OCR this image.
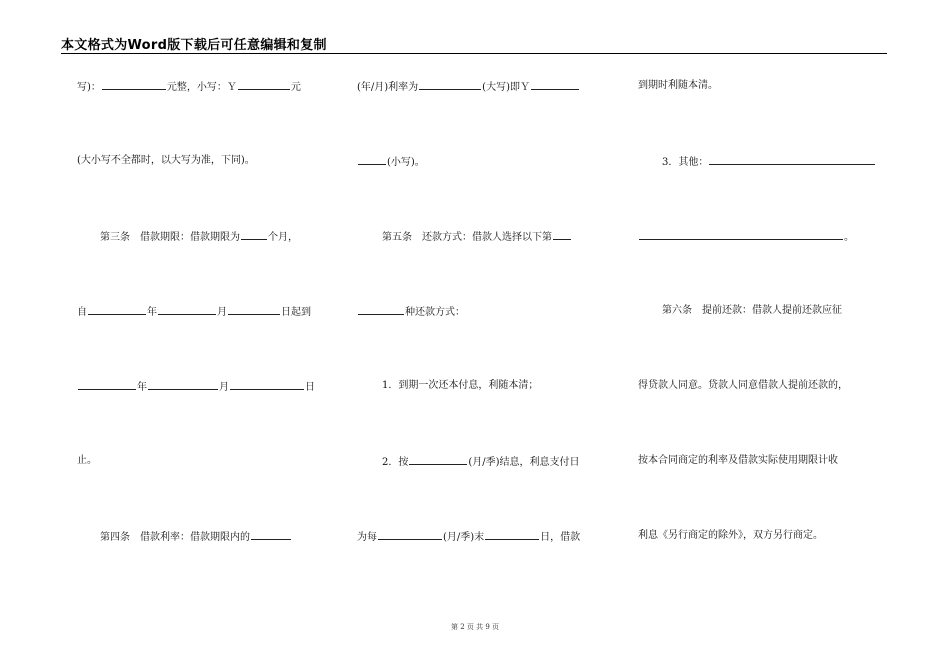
本文格式为Word版下载后可任意编辑和复制
写)：	元整，小写：Ｙ	元
(大小写不全都时，以大写为准，下同)。
第三条　借款期限：借款期限为	个月，
自	年	月	日起到
年	月	日
止。
第四条　借款利率：借款期限内的
(年/月)利率为	(大写)即Ｙ
(小写)。
第五条　还款方式：借款人选择以下第
种还款方式：
1．到期一次还本付息，利随本清；
2．按	(月/季)结息，利息支付日
为每	(月/季)末	日，借款
到期时利随本清。
3．其他：
。
第六条　提前还款：借款人提前还款应征
得贷款人同意。贷款人同意借款人提前还款的，
按本合同商定的利率及借款实际使用期限计收
利息《另行商定的除外》，双方另行商定。
第 2 页 共 9 页
